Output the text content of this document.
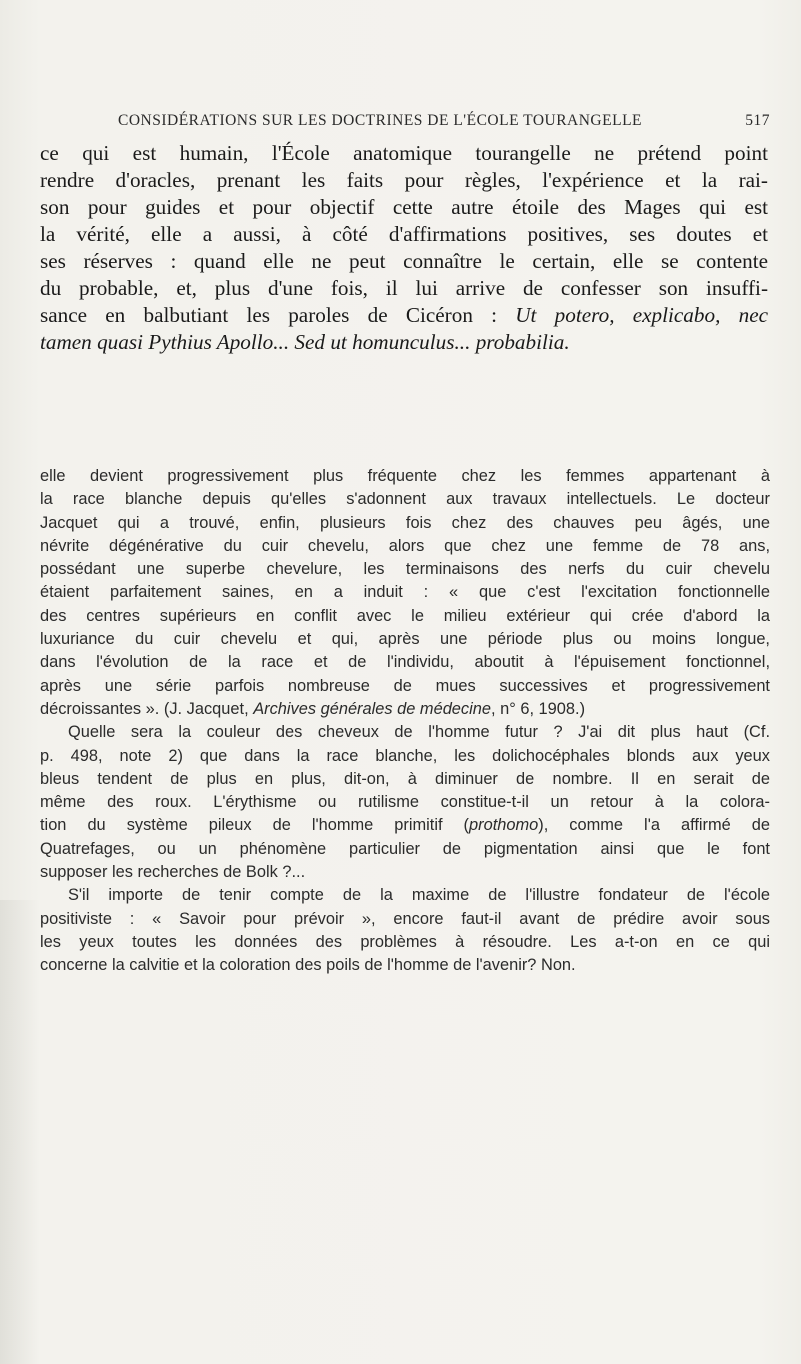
CONSIDÉRATIONS SUR LES DOCTRINES DE L'ÉCOLE TOURANGELLE	517
ce qui est humain, l'École anatomique tourangelle ne prétend point
rendre d'oracles, prenant les faits pour règles, l'expérience et la rai-
son pour guides et pour objectif cette autre étoile des Mages qui est
la vérité, elle a aussi, à côté d'affirmations positives, ses doutes et
ses réserves : quand elle ne peut connaître le certain, elle se contente
du probable, et, plus d'une fois, il lui arrive de confesser son insuffi-
sance en balbutiant les paroles de Cicéron : Ut potero, explicabo, nec
tamen quasi Pythius Apollo... Sed ut homunculus... probabilia.
elle devient progressivement plus fréquente chez les femmes appartenant à
la race blanche depuis qu'elles s'adonnent aux travaux intellectuels. Le docteur
Jacquet qui a trouvé, enfin, plusieurs fois chez des chauves peu âgés, une
névrite dégénérative du cuir chevelu, alors que chez une femme de 78 ans,
possédant une superbe chevelure, les terminaisons des nerfs du cuir chevelu
étaient parfaitement saines, en a induit : « que c'est l'excitation fonctionnelle
des centres supérieurs en conflit avec le milieu extérieur qui crée d'abord la
luxuriance du cuir chevelu et qui, après une période plus ou moins longue,
dans l'évolution de la race et de l'individu, aboutit à l'épuisement fonctionnel,
après une série parfois nombreuse de mues successives et progressivement
décroissantes ». (J. Jacquet, Archives générales de médecine, n° 6, 1908.)
Quelle sera la couleur des cheveux de l'homme futur ? J'ai dit plus haut (Cf.
p. 498, note 2) que dans la race blanche, les dolichocéphales blonds aux yeux
bleus tendent de plus en plus, dit-on, à diminuer de nombre. Il en serait de
même des roux. L'érythisme ou rutilisme constitue-t-il un retour à la colora-
tion du système pileux de l'homme primitif (prothomo), comme l'a affirmé de
Quatrefages, ou un phénomène particulier de pigmentation ainsi que le font
supposer les recherches de Bolk ?...
S'il importe de tenir compte de la maxime de l'illustre fondateur de l'école
positiviste : « Savoir pour prévoir », encore faut-il avant de prédire avoir sous
les yeux toutes les données des problèmes à résoudre. Les a-t-on en ce qui
concerne la calvitie et la coloration des poils de l'homme de l'avenir? Non.
